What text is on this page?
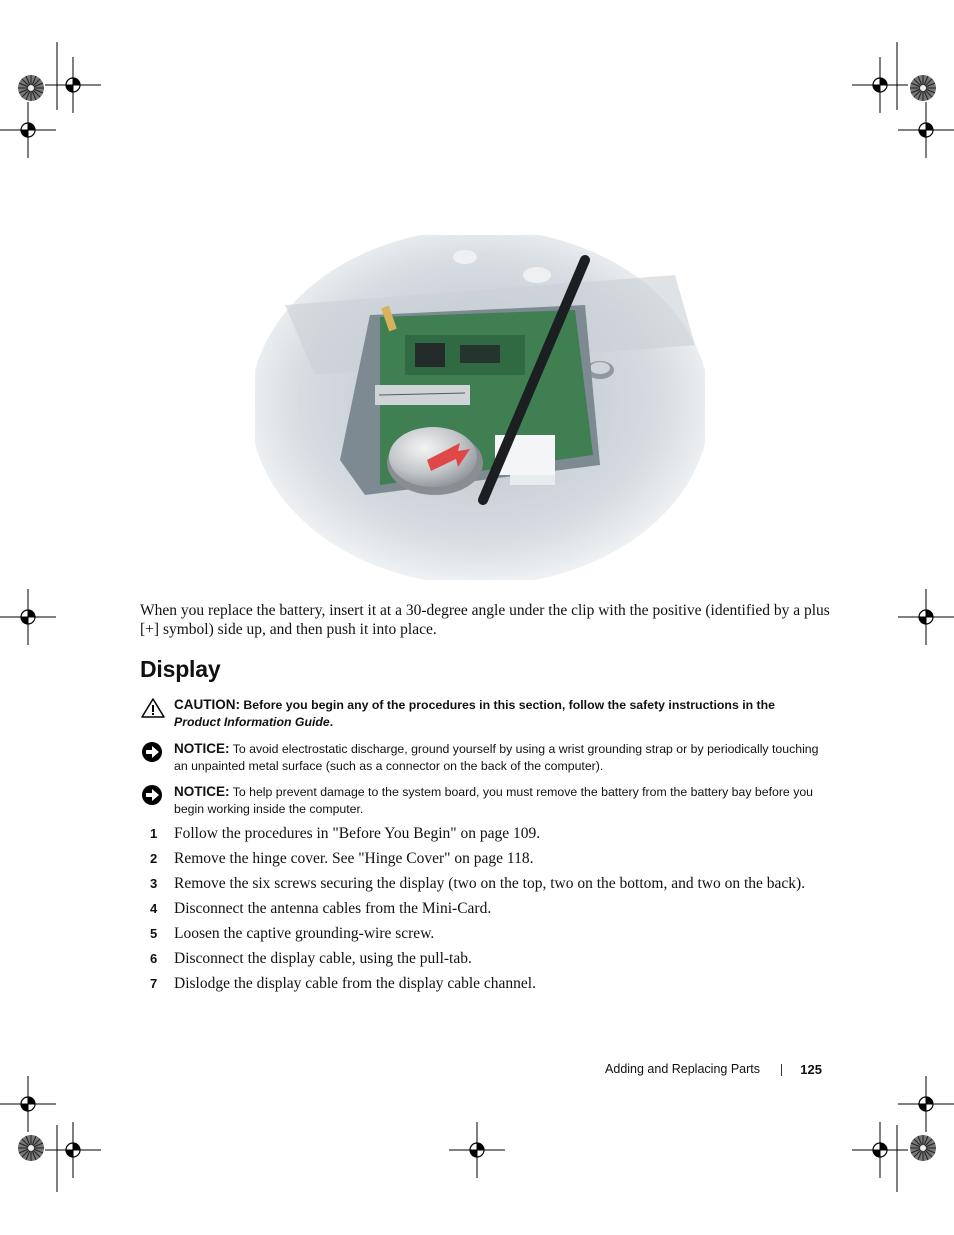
When you replace the battery, insert it at a 30-degree angle under the clip with the positive (identified by a plus [+] symbol) side up, and then push it into place.

Display
CAUTION: Before you begin any of the procedures in this section, follow the safety instructions in the
Product Information Guide.
NOTICE: To avoid electrostatic discharge, ground yourself by using a wrist grounding strap or by periodically touching an unpainted metal surface (such as a connector on the back of the computer).
NOTICE: To help prevent damage to the system board, you must remove the battery from the battery bay before you begin working inside the computer.
1	Follow the procedures in "Before You Begin" on page 109.
2	Remove the hinge cover. See "Hinge Cover" on page 118.
3	Remove the six screws securing the display (two on the top, two on the bottom, and two on the back).
4	Disconnect the antenna cables from the Mini-Card.
5	Loosen the captive grounding-wire screw.
6	Disconnect the display cable, using the pull-tab.
7	Dislodge the display cable from the display cable channel.
Adding and Replacing Parts	125
